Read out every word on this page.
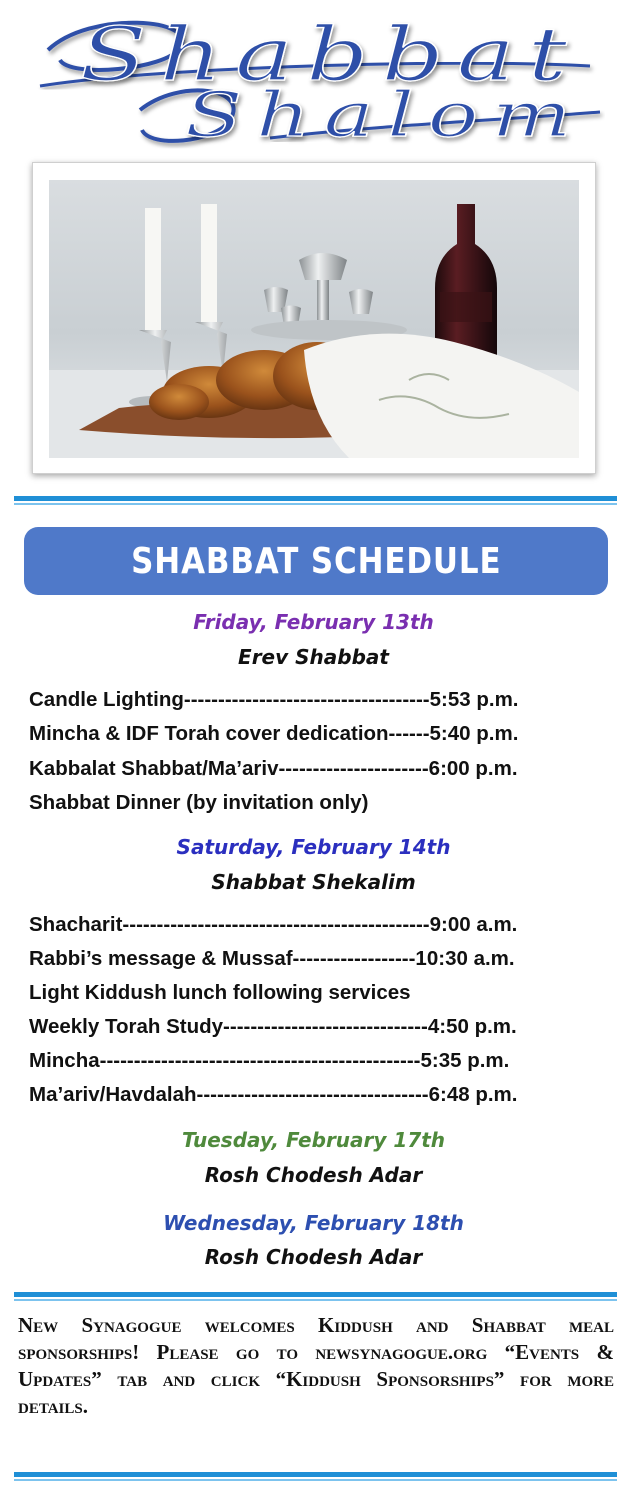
Shabbat
Shalom
SHABBAT SCHEDULE
Friday, February 13th
Erev Shabbat
Candle Lighting------------------------------------5:53 p.m.
Mincha & IDF Torah cover dedication------5:40 p.m.
Kabbalat Shabbat/Ma’ariv----------------------6:00 p.m.
Shabbat Dinner (by invitation only)
Saturday, February 14th
Shabbat Shekalim
Shacharit---------------------------------------------9:00 a.m.
Rabbi’s message & Mussaf------------------10:30 a.m.
Light Kiddush lunch following services
Weekly Torah Study------------------------------4:50 p.m.
Mincha-----------------------------------------------5:35 p.m.
Ma’ariv/Havdalah----------------------------------6:48 p.m.
Tuesday, February 17th
Rosh Chodesh Adar
Wednesday, February 18th
Rosh Chodesh Adar
New Synagogue welcomes Kiddush and Shabbat meal sponsorships! Please go to newsynagogue.org “Events & Updates” tab and click “Kiddush Sponsorships” for more details.
